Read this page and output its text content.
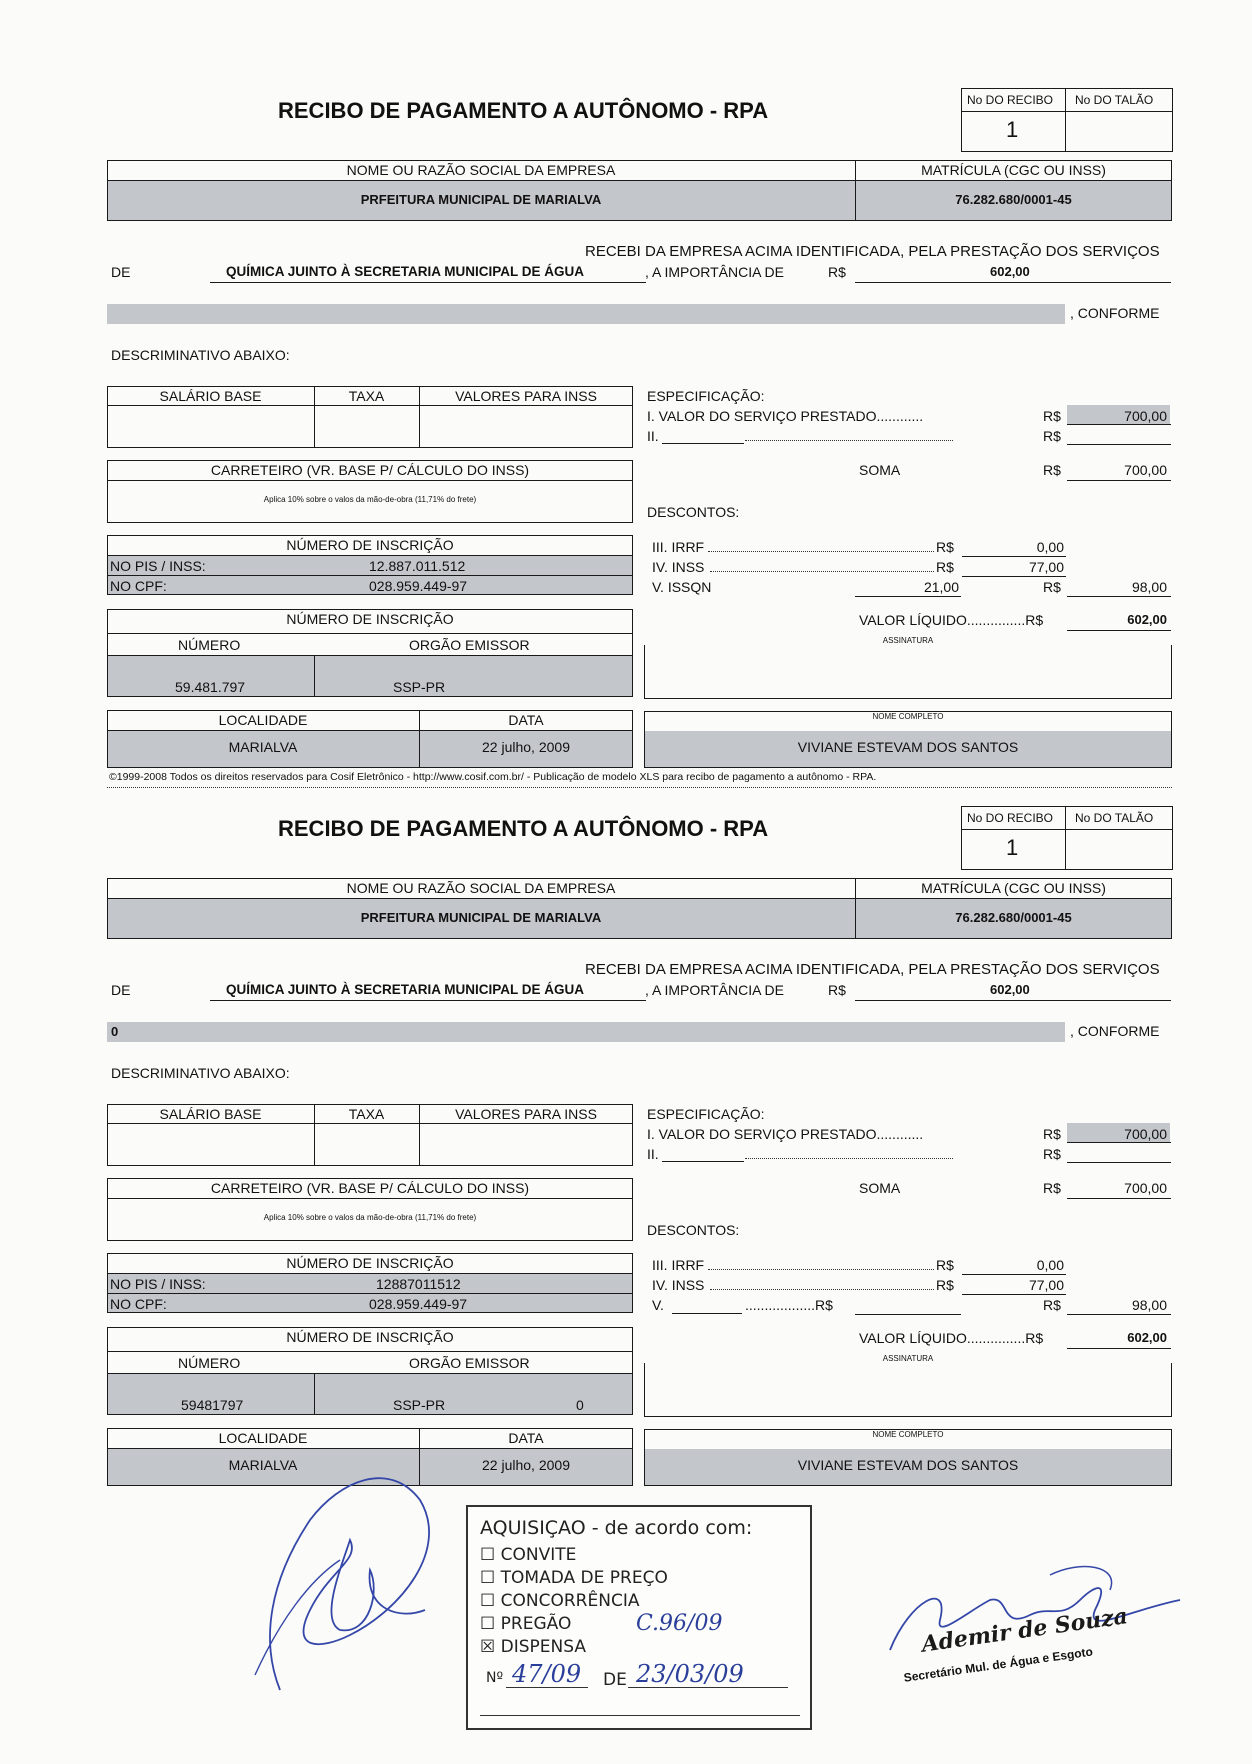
RECIBO DE PAGAMENTO A AUTÔNOMO - RPA	No DO RECIBO No DO TALÃO
1
NOME OU RAZÃO SOCIAL DA EMPRESA	MATRÍCULA (CGC OU INSS)
PRFEITURA MUNICIPAL DE MARIALVA	76.282.680/0001-45
RECEBI DA EMPRESA ACIMA IDENTIFICADA, PELA PRESTAÇÃO DOS SERVIÇOS
DE	QUÍMICA JUINTO À SECRETARIA MUNICIPAL DE ÁGUA	, A IMPORTÂNCIA DE	R$	602,00
, CONFORME
DESCRIMINATIVO ABAIXO:
SALÁRIO BASE	TAXA	VALORES PARA INSS
CARRETEIRO (VR. BASE P/ CÁLCULO DO INSS)
Aplica 10% sobre o valos da mão-de-obra (11,71% do frete)
NÚMERO DE INSCRIÇÃO
NO PIS / INSS:	12.887.011.512
NO CPF:	028.959.449-97
NÚMERO DE INSCRIÇÃO
NÚMERO	ORGÃO EMISSOR
59.481.797	SSP-PR
LOCALIDADE	DATA
MARIALVA	22 julho, 2009
ESPECIFICAÇÃO:
I. VALOR DO SERVIÇO PRESTADO............	R$	700,00
II.	R$
SOMA	R$	700,00
DESCONTOS:
III. IRRF	R$	0,00
IV. INSS	R$	77,00
V. ISSQN	21,00	R$	98,00
VALOR LÍQUIDO...............R$	602,00
ASSINATURA
NOME COMPLETO
VIVIANE ESTEVAM DOS SANTOS
©1999-2008 Todos os direitos reservados para Cosif Eletrônico - http://www.cosif.com.br/ - Publicação de modelo XLS para recibo de pagamento a autônomo - RPA.
RECIBO DE PAGAMENTO A AUTÔNOMO - RPA	No DO RECIBO No DO TALÃO
1
NOME OU RAZÃO SOCIAL DA EMPRESA	MATRÍCULA (CGC OU INSS)
PRFEITURA MUNICIPAL DE MARIALVA	76.282.680/0001-45
RECEBI DA EMPRESA ACIMA IDENTIFICADA, PELA PRESTAÇÃO DOS SERVIÇOS
DE	QUÍMICA JUINTO À SECRETARIA MUNICIPAL DE ÁGUA	, A IMPORTÂNCIA DE	R$	602,00
0	, CONFORME
DESCRIMINATIVO ABAIXO:
SALÁRIO BASE	TAXA	VALORES PARA INSS
CARRETEIRO (VR. BASE P/ CÁLCULO DO INSS)
Aplica 10% sobre o valos da mão-de-obra (11,71% do frete)
NÚMERO DE INSCRIÇÃO
NO PIS / INSS:	12887011512
NO CPF:	028.959.449-97
NÚMERO DE INSCRIÇÃO
NÚMERO	ORGÃO EMISSOR
59481797	SSP-PR	0
LOCALIDADE	DATA
MARIALVA	22 julho, 2009
ESPECIFICAÇÃO:
I. VALOR DO SERVIÇO PRESTADO............	R$	700,00
II.	R$
SOMA	R$	700,00
DESCONTOS:
III. IRRF	R$	0,00
IV. INSS	R$	77,00
V.	..................R$	R$	98,00
VALOR LÍQUIDO...............R$	602,00
ASSINATURA
NOME COMPLETO
VIVIANE ESTEVAM DOS SANTOS
AQUISIÇAO - de acordo com:
☐ CONVITE
☐ TOMADA DE PREÇO
☐ CONCORRÊNCIA
☐ PREGÃO	C.96/09
☒ DISPENSA
Nº 47/09 DE 23/03/09
Ademir de Souza
Secretário Mul. de Água e Esgoto
